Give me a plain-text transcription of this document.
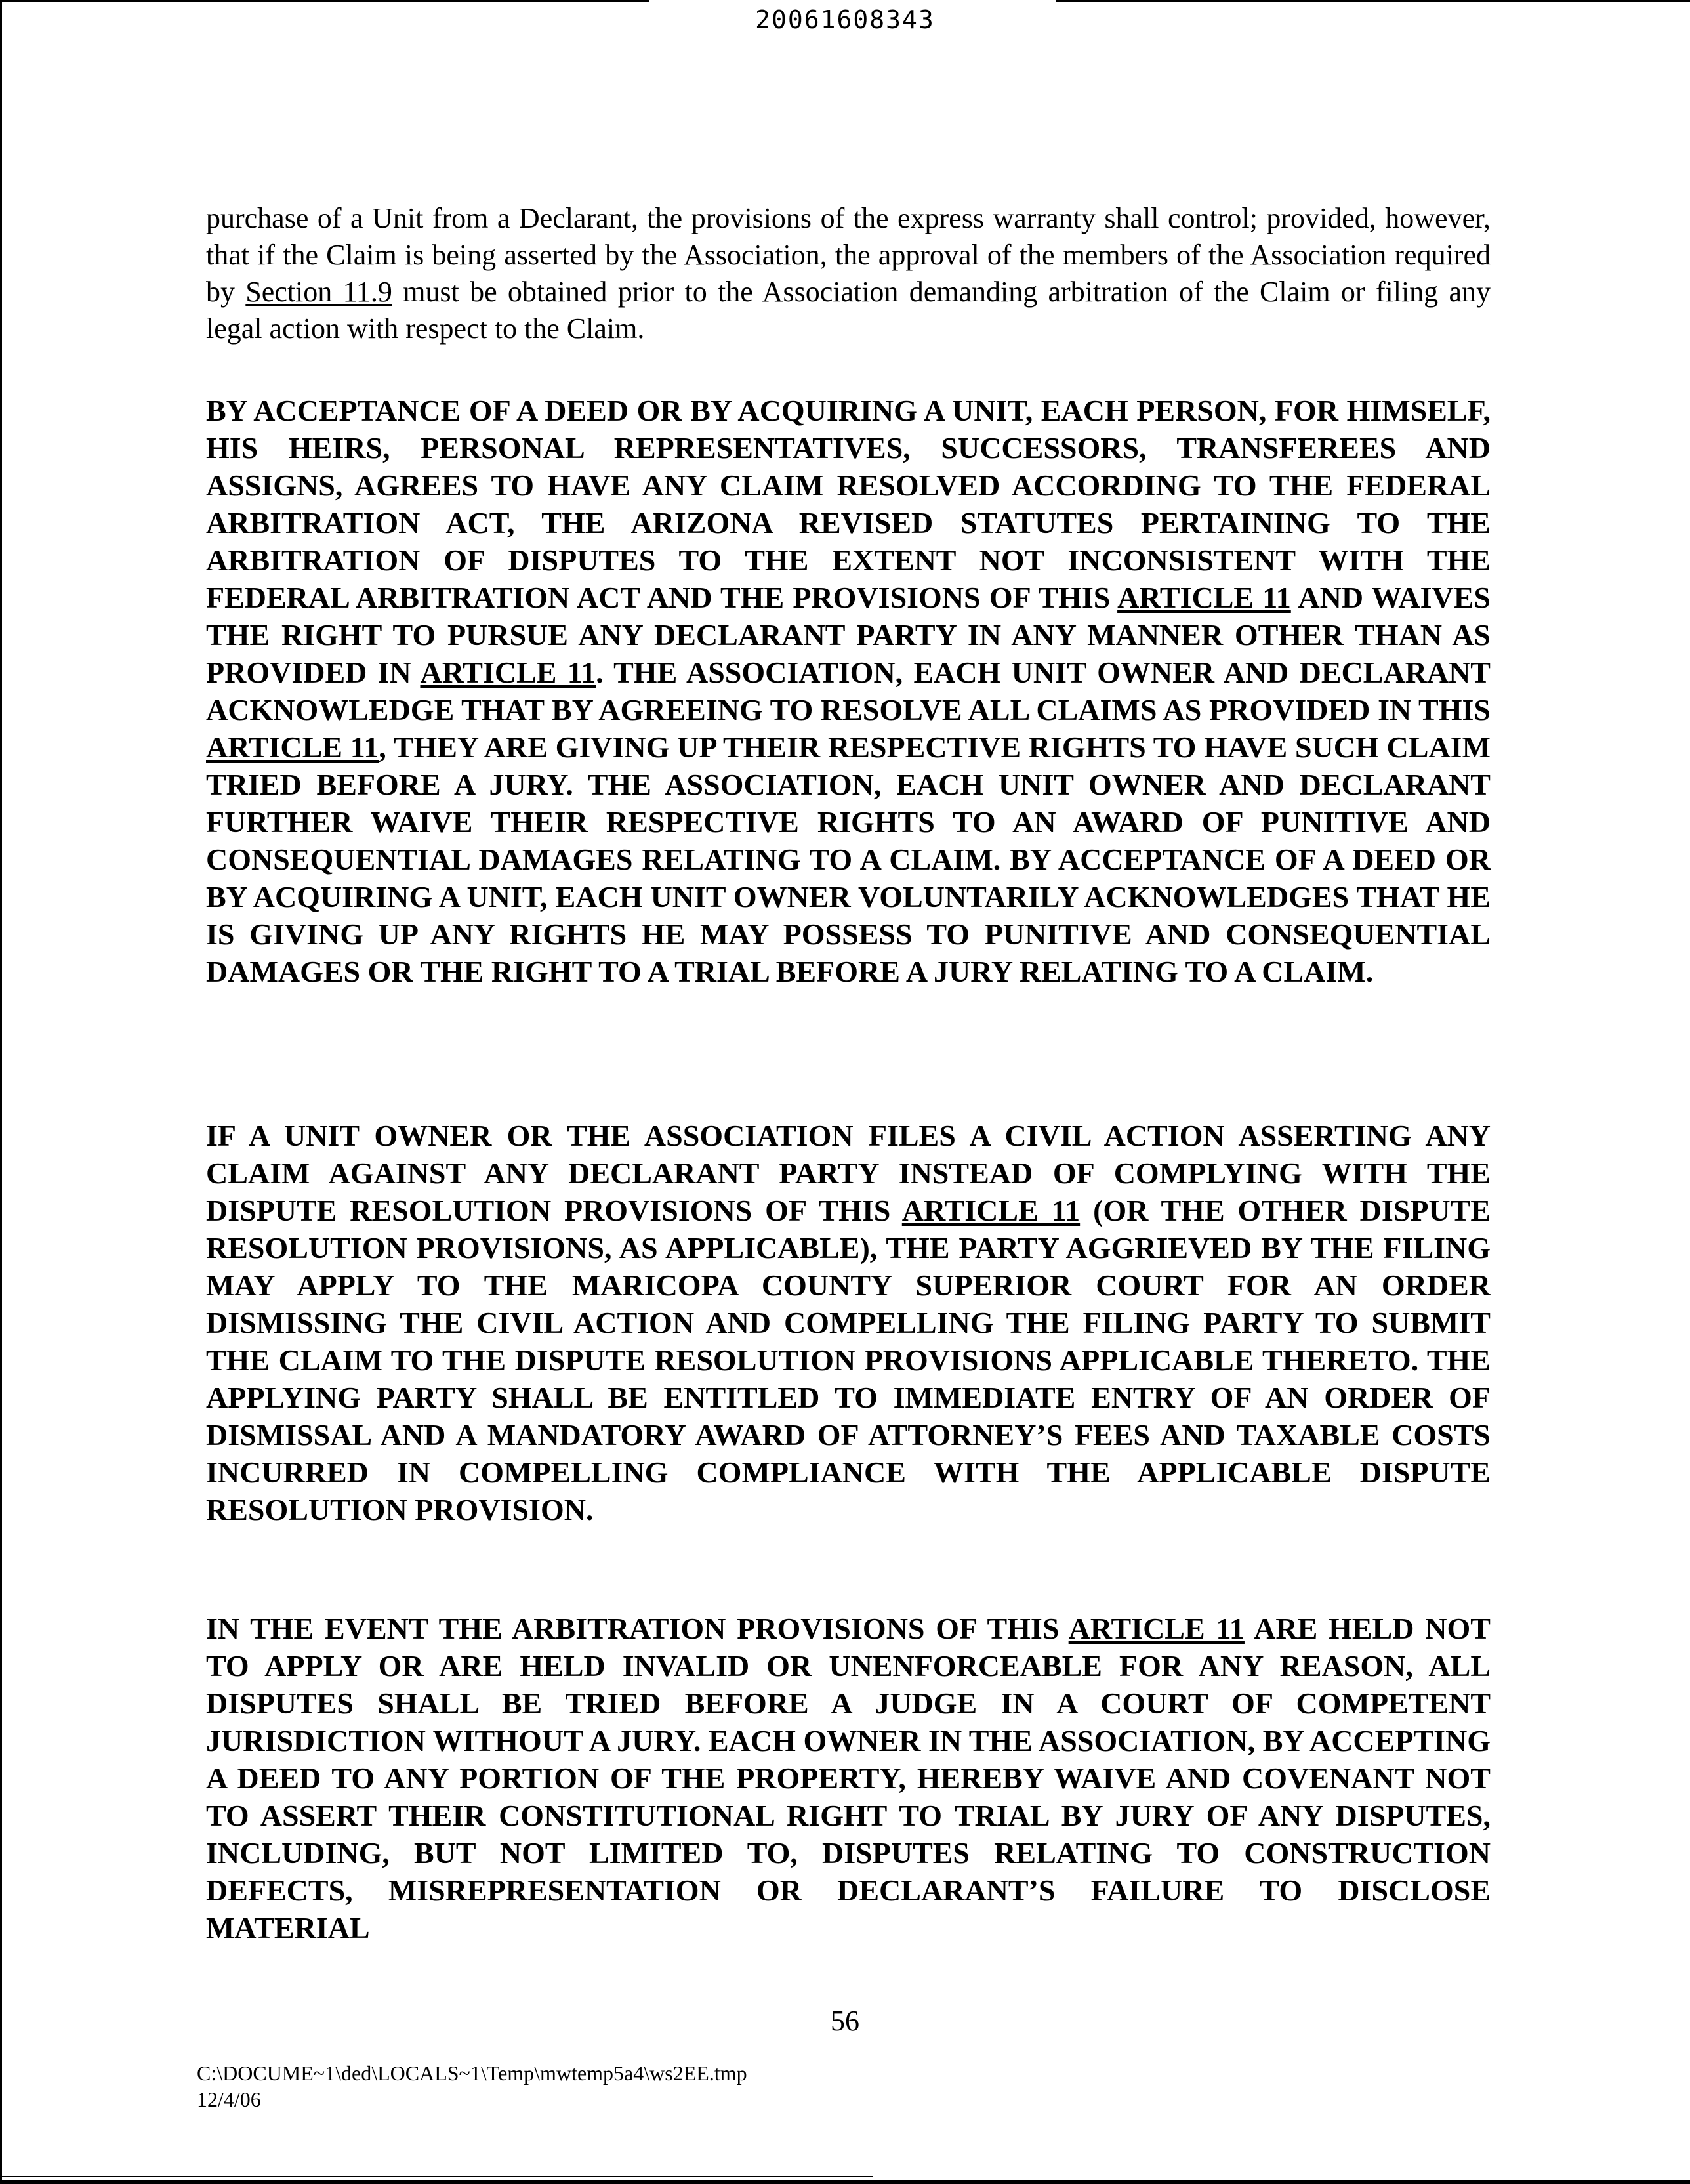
20061608343

purchase of a Unit from a Declarant, the provisions of the express warranty shall control; provided, however, that if the Claim is being asserted by the Association, the approval of the members of the Association required by Section 11.9 must be obtained prior to the Association demanding arbitration of the Claim or filing any legal action with respect to the Claim.

BY ACCEPTANCE OF A DEED OR BY ACQUIRING A UNIT, EACH PERSON, FOR HIMSELF, HIS HEIRS, PERSONAL REPRESENTATIVES, SUCCESSORS, TRANSFEREES AND ASSIGNS, AGREES TO HAVE ANY CLAIM RESOLVED ACCORDING TO THE FEDERAL ARBITRATION ACT, THE ARIZONA REVISED STATUTES PERTAINING TO THE ARBITRATION OF DISPUTES TO THE EXTENT NOT INCONSISTENT WITH THE FEDERAL ARBITRATION ACT AND THE PROVISIONS OF THIS ARTICLE 11 AND WAIVES THE RIGHT TO PURSUE ANY DECLARANT PARTY IN ANY MANNER OTHER THAN AS PROVIDED IN ARTICLE 11. THE ASSOCIATION, EACH UNIT OWNER AND DECLARANT ACKNOWLEDGE THAT BY AGREEING TO RESOLVE ALL CLAIMS AS PROVIDED IN THIS ARTICLE 11, THEY ARE GIVING UP THEIR RESPECTIVE RIGHTS TO HAVE SUCH CLAIM TRIED BEFORE A JURY. THE ASSOCIATION, EACH UNIT OWNER AND DECLARANT FURTHER WAIVE THEIR RESPECTIVE RIGHTS TO AN AWARD OF PUNITIVE AND CONSEQUENTIAL DAMAGES RELATING TO A CLAIM. BY ACCEPTANCE OF A DEED OR BY ACQUIRING A UNIT, EACH UNIT OWNER VOLUNTARILY ACKNOWLEDGES THAT HE IS GIVING UP ANY RIGHTS HE MAY POSSESS TO PUNITIVE AND CONSEQUENTIAL DAMAGES OR THE RIGHT TO A TRIAL BEFORE A JURY RELATING TO A CLAIM.

IF A UNIT OWNER OR THE ASSOCIATION FILES A CIVIL ACTION ASSERTING ANY CLAIM AGAINST ANY DECLARANT PARTY INSTEAD OF COMPLYING WITH THE DISPUTE RESOLUTION PROVISIONS OF THIS ARTICLE 11 (OR THE OTHER DISPUTE RESOLUTION PROVISIONS, AS APPLICABLE), THE PARTY AGGRIEVED BY THE FILING MAY APPLY TO THE MARICOPA COUNTY SUPERIOR COURT FOR AN ORDER DISMISSING THE CIVIL ACTION AND COMPELLING THE FILING PARTY TO SUBMIT THE CLAIM TO THE DISPUTE RESOLUTION PROVISIONS APPLICABLE THERETO. THE APPLYING PARTY SHALL BE ENTITLED TO IMMEDIATE ENTRY OF AN ORDER OF DISMISSAL AND A MANDATORY AWARD OF ATTORNEY’S FEES AND TAXABLE COSTS INCURRED IN COMPELLING COMPLIANCE WITH THE APPLICABLE DISPUTE RESOLUTION PROVISION.

IN THE EVENT THE ARBITRATION PROVISIONS OF THIS ARTICLE 11 ARE HELD NOT TO APPLY OR ARE HELD INVALID OR UNENFORCEABLE FOR ANY REASON, ALL DISPUTES SHALL BE TRIED BEFORE A JUDGE IN A COURT OF COMPETENT JURISDICTION WITHOUT A JURY. EACH OWNER IN THE ASSOCIATION, BY ACCEPTING A DEED TO ANY PORTION OF THE PROPERTY, HEREBY WAIVE AND COVENANT NOT TO ASSERT THEIR CONSTITUTIONAL RIGHT TO TRIAL BY JURY OF ANY DISPUTES, INCLUDING, BUT NOT LIMITED TO, DISPUTES RELATING TO CONSTRUCTION DEFECTS, MISREPRESENTATION OR DECLARANT’S FAILURE TO DISCLOSE MATERIAL

56
C:\DOCUME~1\ded\LOCALS~1\Temp\mwtemp5a4\ws2EE.tmp
12/4/06
